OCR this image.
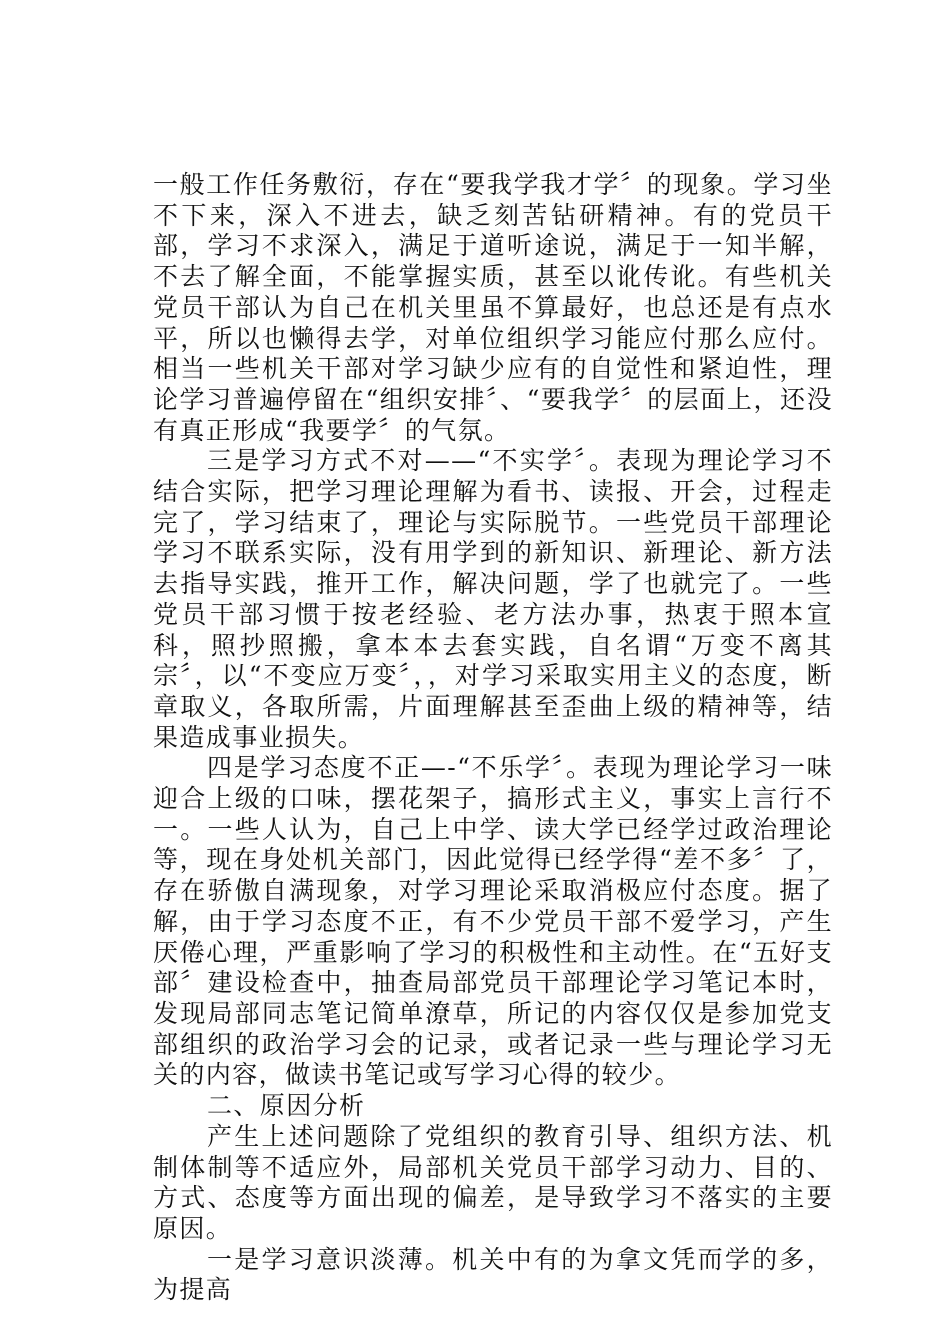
一般工作任务敷衍，存在“要我学我才学〞的现象。学习坐不下来，深入不进去，缺乏刻苦钻研精神。有的党员干部，学习不求深入，满足于道听途说，满足于一知半解，不去了解全面，不能掌握实质，甚至以讹传讹。有些机关党员干部认为自己在机关里虽不算最好，也总还是有点水平，所以也懒得去学，对单位组织学习能应付那么应付。相当一些机关干部对学习缺少应有的自觉性和紧迫性，理论学习普遍停留在“组织安排〞、“要我学〞的层面上，还没有真正形成“我要学〞的气氛。

三是学习方式不对——“不实学〞。表现为理论学习不结合实际，把学习理论理解为看书、读报、开会，过程走完了，学习结束了，理论与实际脱节。一些党员干部理论学习不联系实际，没有用学到的新知识、新理论、新方法去指导实践，推开工作，解决问题，学了也就完了。一些党员干部习惯于按老经验、老方法办事，热衷于照本宣科，照抄照搬，拿本本去套实践，自名谓“万变不离其宗〞，以“不变应万变〞，，对学习采取实用主义的态度，断章取义，各取所需，片面理解甚至歪曲上级的精神等，结果造成事业损失。

四是学习态度不正—-“不乐学〞。表现为理论学习一味迎合上级的口味，摆花架子，搞形式主义，事实上言行不一。一些人认为，自己上中学、读大学已经学过政治理论等，现在身处机关部门，因此觉得已经学得“差不多〞了，存在骄傲自满现象，对学习理论采取消极应付态度。据了解，由于学习态度不正，有不少党员干部不爱学习，产生厌倦心理，严重影响了学习的积极性和主动性。在“五好支部〞建设检查中，抽查局部党员干部理论学习笔记本时，发现局部同志笔记简单潦草，所记的内容仅仅是参加党支部组织的政治学习会的记录，或者记录一些与理论学习无关的内容，做读书笔记或写学习心得的较少。

二、原因分析

产生上述问题除了党组织的教育引导、组织方法、机制体制等不适应外，局部机关党员干部学习动力、目的、方式、态度等方面出现的偏差，是导致学习不落实的主要原因。

一是学习意识淡薄。机关中有的为拿文凭而学的多，为提高
